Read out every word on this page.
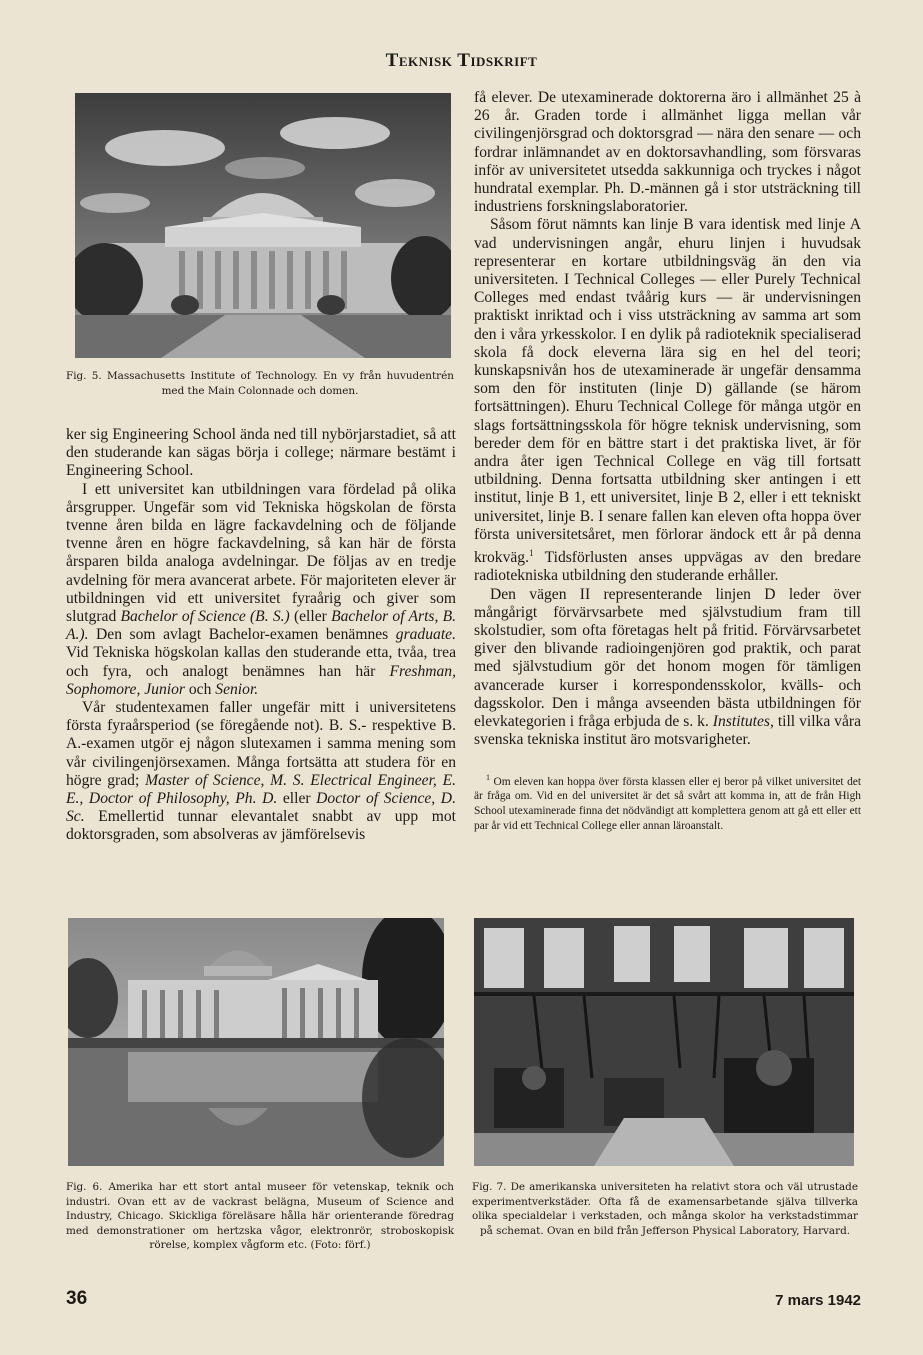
Teknisk Tidskrift
Fig. 5. Massachusetts Institute of Technology. En vy från huvudentrén med the Main Colonnade och domen.

ker sig Engineering School ända ned till nybörjarstadiet, så att den studerande kan sägas börja i college; närmare bestämt i Engineering School.

I ett universitet kan utbildningen vara fördelad på olika årsgrupper. Ungefär som vid Tekniska högskolan de första tvenne åren bilda en lägre fackavdelning och de följande tvenne åren en högre fackavdelning, så kan här de första årsparen bilda analoga avdelningar. De följas av en tredje avdelning för mera avancerat arbete. För majoriteten elever är utbildningen vid ett universitet fyraårig och giver som slutgrad Bachelor of Science (B. S.) (eller Bachelor of Arts, B. A.). Den som avlagt Bachelor-examen benämnes graduate. Vid Tekniska högskolan kallas den studerande etta, tvåa, trea och fyra, och analogt benämnes han här Freshman, Sophomore, Junior och Senior.

Vår studentexamen faller ungefär mitt i universitetens första fyraårsperiod (se föregående not). B. S.- respektive B. A.-examen utgör ej någon slutexamen i samma mening som vår civilingenjörsexamen. Många fortsätta att studera för en högre grad; Master of Science, M. S. Electrical Engineer, E. E., Doctor of Philosophy, Ph. D. eller Doctor of Science, D. Sc. Emellertid tunnar elevantalet snabbt av upp mot doktorsgraden, som absolveras av jämförelsevis

få elever. De utexaminerade doktorerna äro i allmänhet 25 à 26 år. Graden torde i allmänhet ligga mellan vår civilingenjörsgrad och doktorsgrad — nära den senare — och fordrar inlämnandet av en doktorsavhandling, som försvaras inför av universitetet utsedda sakkunniga och tryckes i något hundratal exemplar. Ph. D.-männen gå i stor utsträckning till industriens forskningslaboratorier.

Såsom förut nämnts kan linje B vara identisk med linje A vad undervisningen angår, ehuru linjen i huvudsak representerar en kortare utbildningsväg än den via universiteten. I Technical Colleges — eller Purely Technical Colleges med endast tvåårig kurs — är undervisningen praktiskt inriktad och i viss utsträckning av samma art som den i våra yrkesskolor. I en dylik på radioteknik specialiserad skola få dock eleverna lära sig en hel del teori; kunskapsnivån hos de utexaminerade är ungefär densamma som den för instituten (linje D) gällande (se härom fortsättningen). Ehuru Technical College för många utgör en slags fortsättningsskola för högre teknisk undervisning, som bereder dem för en bättre start i det praktiska livet, är för andra åter igen Technical College en väg till fortsatt utbildning. Denna fortsatta utbildning sker antingen i ett institut, linje B 1, ett universitet, linje B 2, eller i ett tekniskt universitet, linje B. I senare fallen kan eleven ofta hoppa över första universitetsåret, men förlorar ändock ett år på denna krokväg.$^1$ Tidsförlusten anses uppvägas av den bredare radiotekniska utbildning den studerande erhåller.

Den vägen II representerande linjen D leder över mångårigt förvärvsarbete med självstudium fram till skolstudier, som ofta företagas helt på fritid. Förvärvsarbetet giver den blivande radioingenjören god praktik, och parat med självstudium gör det honom mogen för tämligen avancerade kurser i korrespondensskolor, kvälls- och dagsskolor. Den i många avseenden bästa utbildningen för elevkategorien i fråga erbjuda de s. k. Institutes, till vilka våra svenska tekniska institut äro motsvarigheter.

$^1$ Om eleven kan hoppa över första klassen eller ej beror på vilket universitet det är fråga om. Vid en del universitet är det så svårt att komma in, att de från High School utexaminerade finna det nödvändigt att komplettera genom att gå ett eller ett par år vid ett Technical College eller annan läroanstalt.

Fig. 6. Amerika har ett stort antal museer för vetenskap, teknik och industri. Ovan ett av de vackrast belägna, Museum of Science and Industry, Chicago. Skickliga föreläsare hålla här orienterande föredrag med demonstrationer om hertzska vågor, elektronrör, stroboskopisk rörelse, komplex vågform etc. (Foto: förf.)
Fig. 7. De amerikanska universiteten ha relativt stora och väl utrustade experimentverkstäder. Ofta få de examensarbetande själva tillverka olika specialdelar i verkstaden, och många skolor ha verkstadstimmar på schemat. Ovan en bild från Jefferson Physical Laboratory, Harvard.
36	7 mars 1942
